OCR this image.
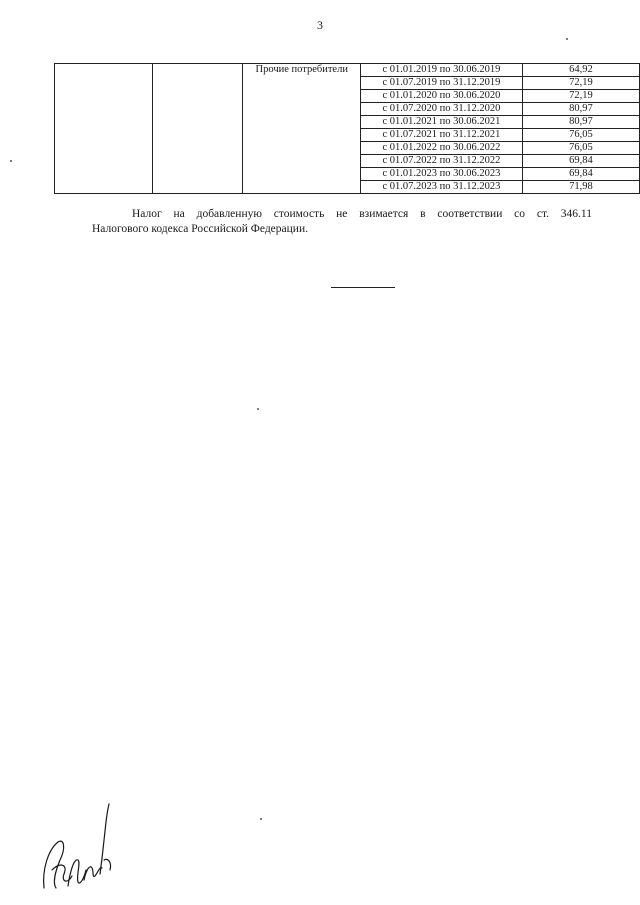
3
		Прочие потребители	с 01.01.2019 по 30.06.2019	64,92
			с 01.07.2019 по 31.12.2019	72,19
			с 01.01.2020 по 30.06.2020	72,19
			с 01.07.2020 по 31.12.2020	80,97
			с 01.01.2021 по 30.06.2021	80,97
			с 01.07.2021 по 31.12.2021	76,05
			с 01.01.2022 по 30.06.2022	76,05
			с 01.07.2022 по 31.12.2022	69,84
			с 01.01.2023 по 30.06.2023	69,84
			с 01.07.2023 по 31.12.2023	71,98
Налог на добавленную стоимость не взимается в соответствии со ст. 346.11
Налогового кодекса Российской Федерации.
